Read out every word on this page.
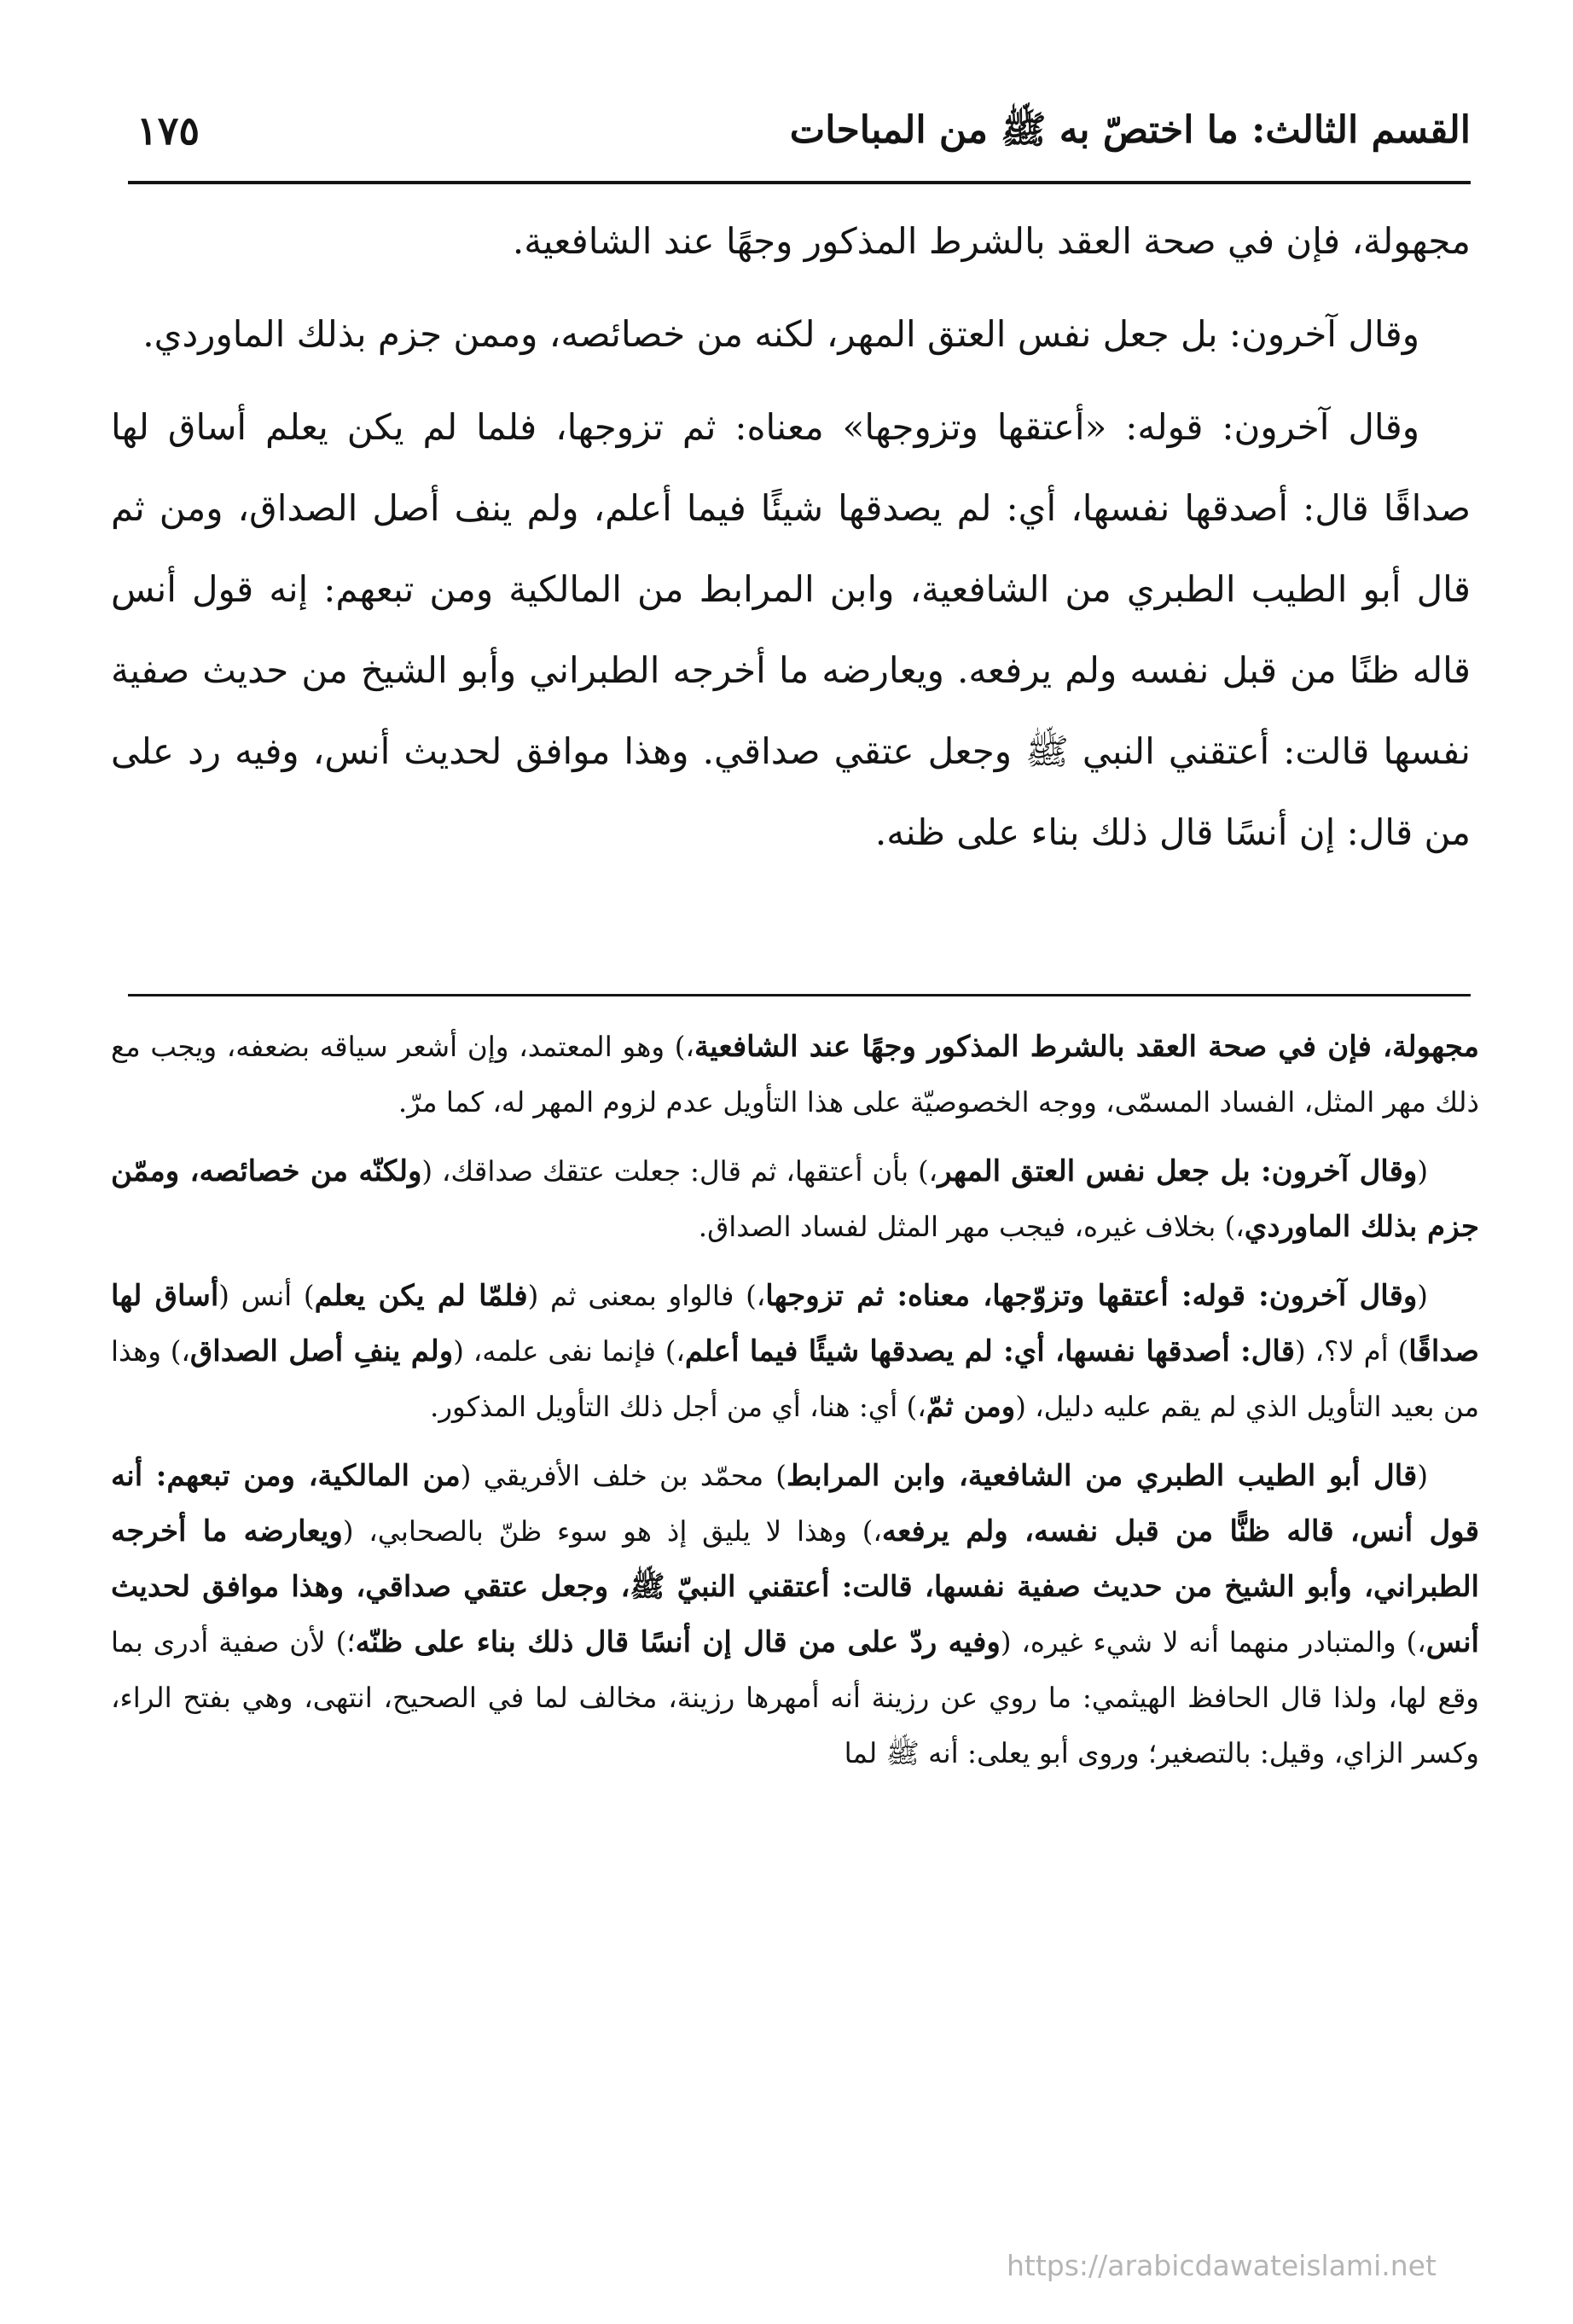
القسم الثالث: ما اختصّ به ﷺ من المباحات
١٧٥

مجهولة، فإن في صحة العقد بالشرط المذكور وجهًا عند الشافعية.

وقال آخرون: بل جعل نفس العتق المهر، لكنه من خصائصه، وممن جزم بذلك الماوردي.

وقال آخرون: قوله: «أعتقها وتزوجها» معناه: ثم تزوجها، فلما لم يكن يعلم أساق لها صداقًا قال: أصدقها نفسها، أي: لم يصدقها شيئًا فيما أعلم، ولم ينف أصل الصداق، ومن ثم قال أبو الطيب الطبري من الشافعية، وابن المرابط من المالكية ومن تبعهم: إنه قول أنس قاله ظنًا من قبل نفسه ولم يرفعه. ويعارضه ما أخرجه الطبراني وأبو الشيخ من حديث صفية نفسها قالت: أعتقني النبي ﷺ وجعل عتقي صداقي. وهذا موافق لحديث أنس، وفيه رد على من قال: إن أنسًا قال ذلك بناء على ظنه.

مجهولة، فإن في صحة العقد بالشرط المذكور وجهًا عند الشافعية،) وهو المعتمد، وإن أشعر سياقه بضعفه، ويجب مع ذلك مهر المثل، الفساد المسمّى، ووجه الخصوصيّة على هذا التأويل عدم لزوم المهر له، كما مرّ.

(وقال آخرون: بل جعل نفس العتق المهر،) بأن أعتقها، ثم قال: جعلت عتقك صداقك، (ولكنّه من خصائصه، وممّن جزم بذلك الماوردي،) بخلاف غيره، فيجب مهر المثل لفساد الصداق.

(وقال آخرون: قوله: أعتقها وتزوّجها، معناه: ثم تزوجها،) فالواو بمعنى ثم (فلمّا لم يكن يعلم) أنس (أساق لها صداقًا) أم لا؟، (قال: أصدقها نفسها، أي: لم يصدقها شيئًا فيما أعلم،) فإنما نفى علمه، (ولم ينفِ أصل الصداق،) وهذا من بعيد التأويل الذي لم يقم عليه دليل، (ومن ثمّ،) أي: هنا، أي من أجل ذلك التأويل المذكور.

(قال أبو الطيب الطبري من الشافعية، وابن المرابط) محمّد بن خلف الأفريقي (من المالكية، ومن تبعهم: أنه قول أنس، قاله ظنًّا من قبل نفسه، ولم يرفعه،) وهذا لا يليق إذ هو سوء ظنّ بالصحابي، (ويعارضه ما أخرجه الطبراني، وأبو الشيخ من حديث صفية نفسها، قالت: أعتقني النبيّ ﷺ، وجعل عتقي صداقي، وهذا موافق لحديث أنس،) والمتبادر منهما أنه لا شيء غيره، (وفيه ردّ على من قال إن أنسًا قال ذلك بناء على ظنّه؛) لأن صفية أدرى بما وقع لها، ولذا قال الحافظ الهيثمي: ما روي عن رزينة أنه أمهرها رزينة، مخالف لما في الصحيح، انتهى، وهي بفتح الراء، وكسر الزاي، وقيل: بالتصغير؛ وروى أبو يعلى: أنه ﷺ لما

https://arabicdawateislami.net
